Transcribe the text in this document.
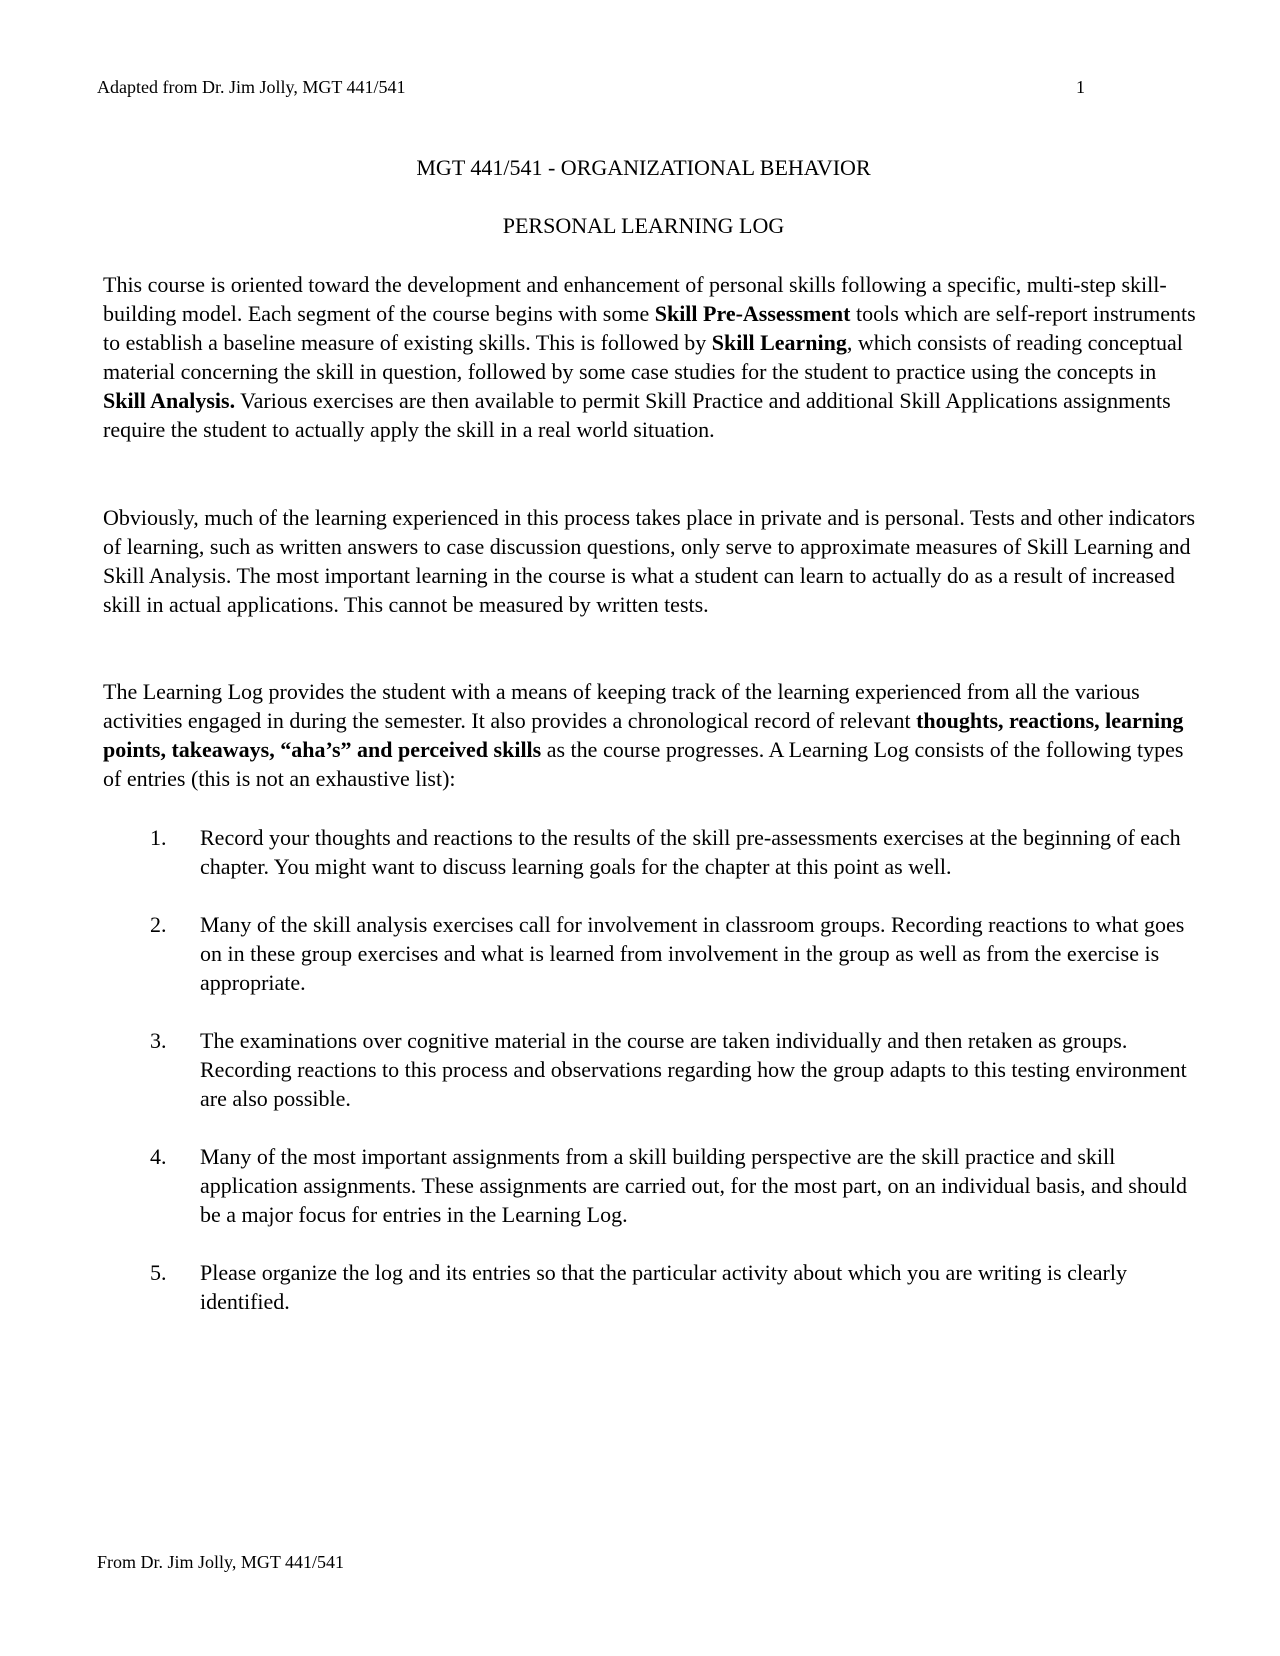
Adapted from Dr. Jim Jolly, MGT 441/541	1
MGT 441/541 - ORGANIZATIONAL BEHAVIOR
PERSONAL LEARNING LOG

This course is oriented toward the development and enhancement of personal skills following a specific, multi-step skill-building model. Each segment of the course begins with some Skill Pre-Assessment tools which are self-report instruments to establish a baseline measure of existing skills. This is followed by Skill Learning, which consists of reading conceptual material concerning the skill in question, followed by some case studies for the student to practice using the concepts in Skill Analysis. Various exercises are then available to permit Skill Practice and additional Skill Applications assignments require the student to actually apply the skill in a real world situation.

Obviously, much of the learning experienced in this process takes place in private and is personal. Tests and other indicators of learning, such as written answers to case discussion questions, only serve to approximate measures of Skill Learning and Skill Analysis. The most important learning in the course is what a student can learn to actually do as a result of increased skill in actual applications. This cannot be measured by written tests.

The Learning Log provides the student with a means of keeping track of the learning experienced from all the various activities engaged in during the semester. It also provides a chronological record of relevant thoughts, reactions, learning points, takeaways, “aha’s” and perceived skills as the course progresses. A Learning Log consists of the following types of entries (this is not an exhaustive list):

1.	Record your thoughts and reactions to the results of the skill pre-assessments exercises at the beginning of each chapter. You might want to discuss learning goals for the chapter at this point as well.
2.	Many of the skill analysis exercises call for involvement in classroom groups. Recording reactions to what goes on in these group exercises and what is learned from involvement in the group as well as from the exercise is appropriate.
3.	The examinations over cognitive material in the course are taken individually and then retaken as groups. Recording reactions to this process and observations regarding how the group adapts to this testing environment are also possible.
4.	Many of the most important assignments from a skill building perspective are the skill practice and skill application assignments. These assignments are carried out, for the most part, on an individual basis, and should be a major focus for entries in the Learning Log.
5.	Please organize the log and its entries so that the particular activity about which you are writing is clearly identified.
From Dr. Jim Jolly, MGT 441/541
